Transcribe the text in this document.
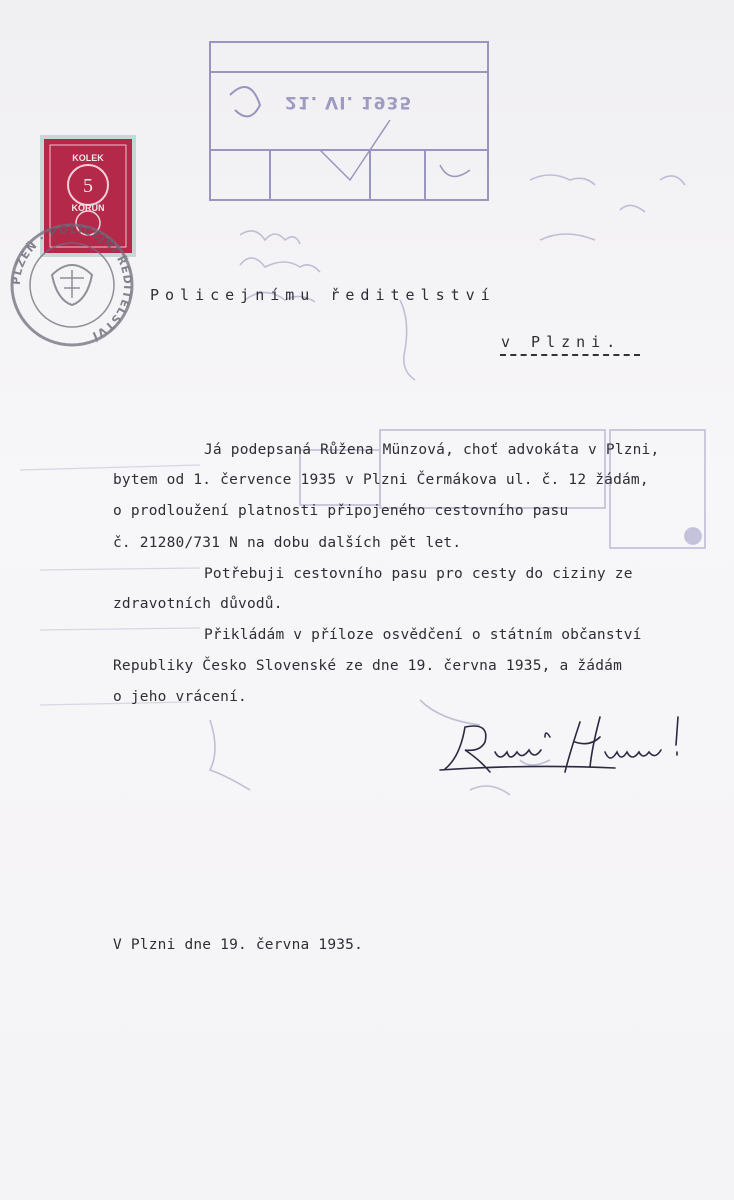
KOLEK
5
KORUN
PLZEŇ · POLICEJNÍ ŘEDITELSTVÍ
21. VI. 1935
Policejnímu ředitelství
v Plzni.
Já podepsaná Růžena Münzová, choť advokáta v Plzni,
bytem od 1. července 1935 v Plzni Čermákova ul. č. 12 žádám,
o prodloužení platnosti připojeného cestovního pasu
č. 21280/731 N na dobu dalších pět let.
Potřebuji cestovního pasu pro cesty do ciziny ze
zdravotních důvodů.
Přikládám v příloze osvědčení o státním občanství
Republiky Česko Slovenské ze dne 19. června 1935, a žádám
o jeho vrácení.
Růžena Münzová
V Plzni dne 19. června 1935.
